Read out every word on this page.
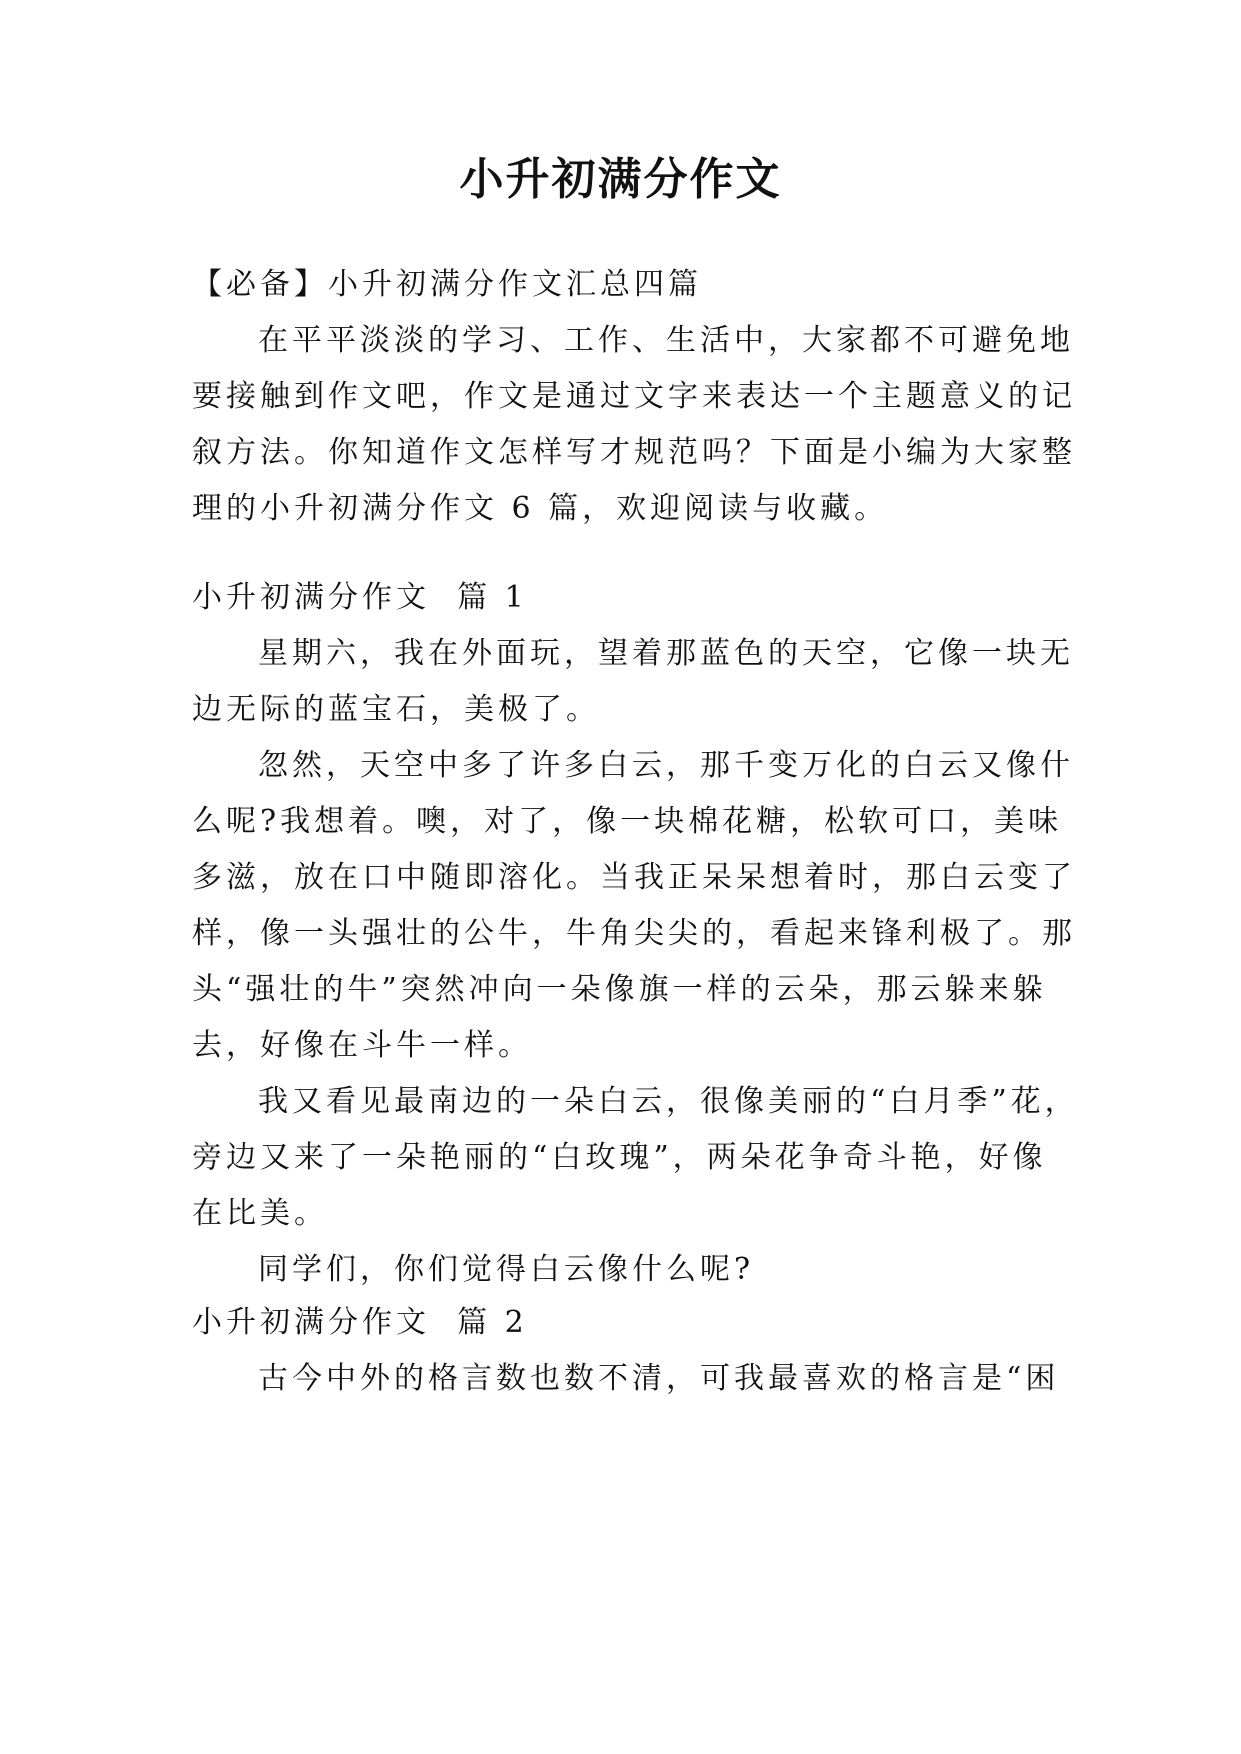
小升初满分作文
【必备】小升初满分作文汇总四篇
在平平淡淡的学习、工作、生活中，大家都不可避免地
要接触到作文吧，作文是通过文字来表达一个主题意义的记
叙方法。你知道作文怎样写才规范吗？下面是小编为大家整
理的小升初满分作文 6 篇，欢迎阅读与收藏。
小升初满分作文  篇 1
星期六，我在外面玩，望着那蓝色的天空，它像一块无
边无际的蓝宝石，美极了。
忽然，天空中多了许多白云，那千变万化的白云又像什
么呢?我想着。噢，对了，像一块棉花糖，松软可口，美味
多滋，放在口中随即溶化。当我正呆呆想着时，那白云变了
样，像一头强壮的公牛，牛角尖尖的，看起来锋利极了。那
头“强壮的牛”突然冲向一朵像旗一样的云朵，那云躲来躲
去，好像在斗牛一样。
我又看见最南边的一朵白云，很像美丽的“白月季”花，
旁边又来了一朵艳丽的“白玫瑰”，两朵花争奇斗艳，好像
在比美。
同学们，你们觉得白云像什么呢?
小升初满分作文  篇 2
古今中外的格言数也数不清，可我最喜欢的格言是“困
